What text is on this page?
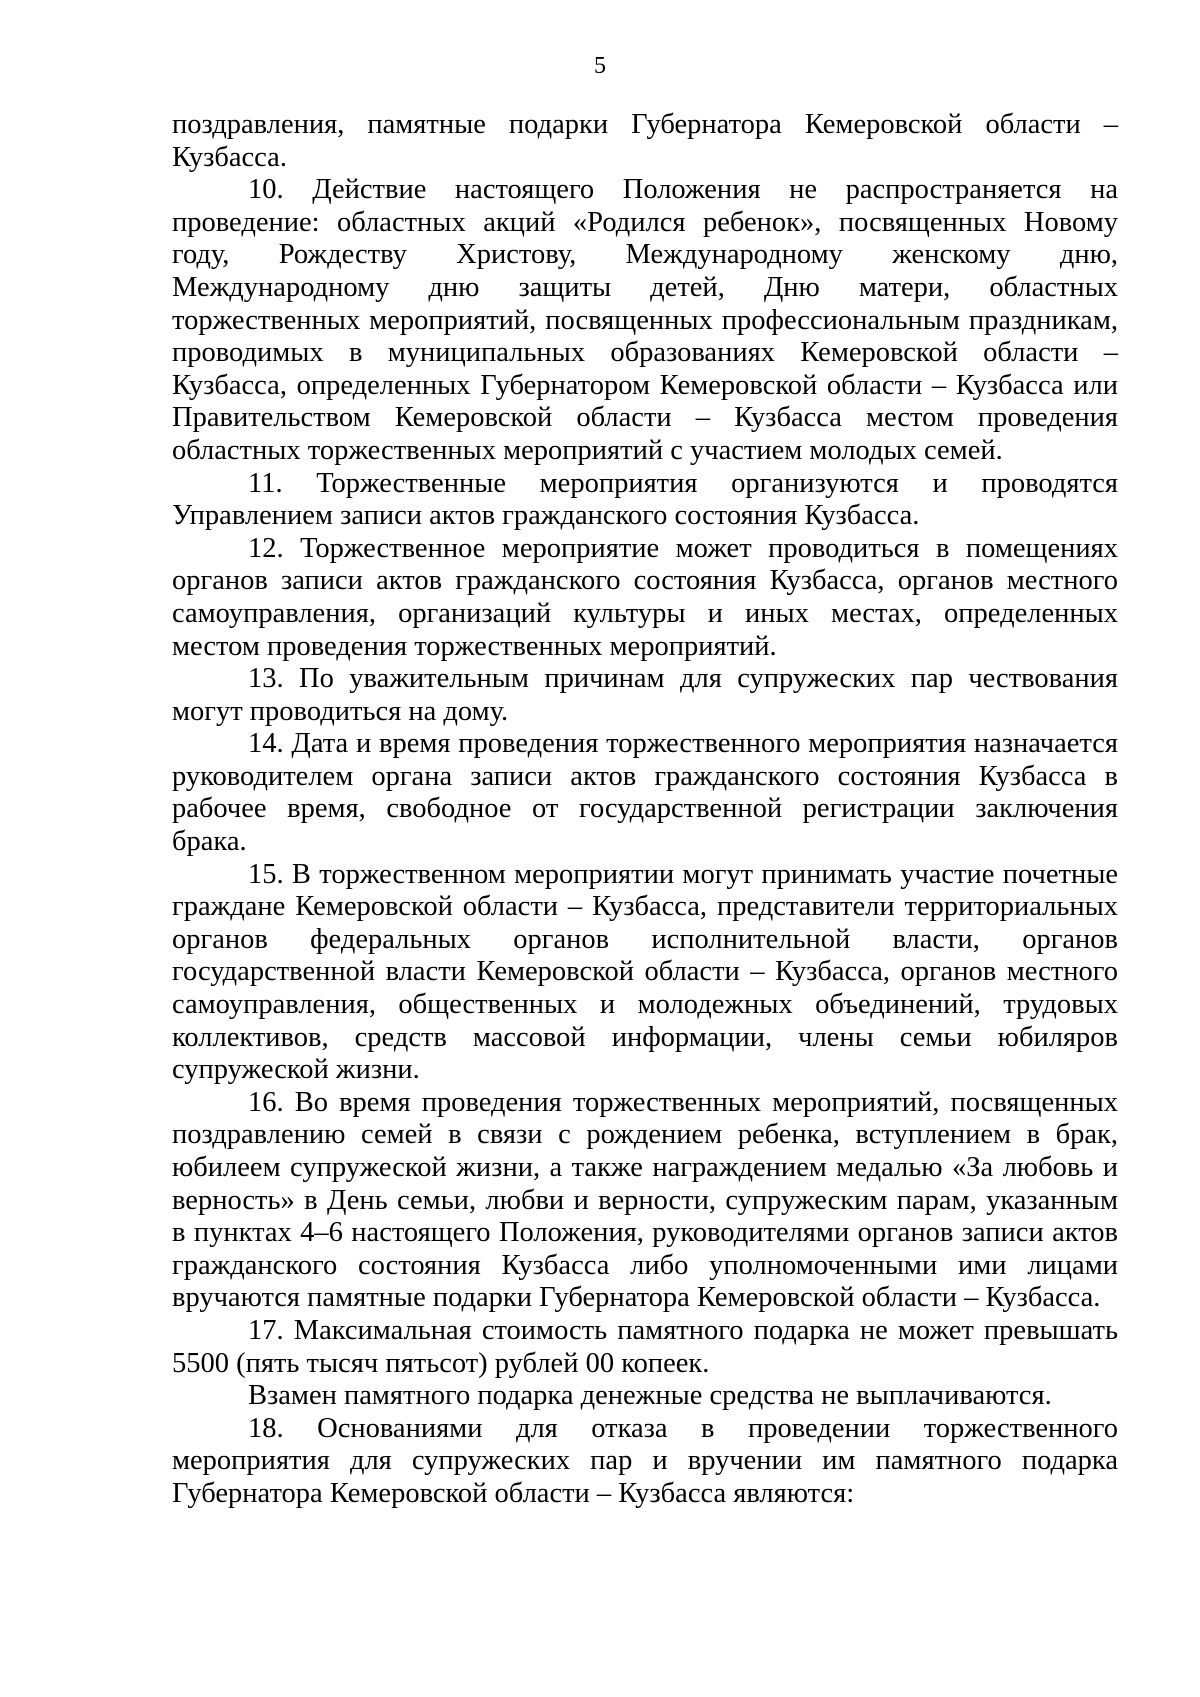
5

поздравления, памятные подарки Губернатора Кемеровской области – Кузбасса.

10. Действие настоящего Положения не распространяется на проведение: областных акций «Родился ребенок», посвященных Новому году, Рождеству Христову, Международному женскому дню, Международному дню защиты детей, Дню матери, областных торжественных мероприятий, посвященных профессиональным праздникам, проводимых в муниципальных образованиях Кемеровской области – Кузбасса, определенных Губернатором Кемеровской области – Кузбасса или Правительством Кемеровской области – Кузбасса местом проведения областных торжественных мероприятий с участием молодых семей.

11. Торжественные мероприятия организуются и проводятся Управлением записи актов гражданского состояния Кузбасса.

12. Торжественное мероприятие может проводиться в помещениях органов записи актов гражданского состояния Кузбасса, органов местного самоуправления, организаций культуры и иных местах, определенных местом проведения торжественных мероприятий.

13. По уважительным причинам для супружеских пар чествования могут проводиться на дому.

14. Дата и время проведения торжественного мероприятия назначается руководителем органа записи актов гражданского состояния Кузбасса в рабочее время, свободное от государственной регистрации заключения брака.

15. В торжественном мероприятии могут принимать участие почетные граждане Кемеровской области – Кузбасса, представители территориальных органов федеральных органов исполнительной власти, органов государственной власти Кемеровской области – Кузбасса, органов местного самоуправления, общественных и молодежных объединений, трудовых коллективов, средств массовой информации, члены семьи юбиляров супружеской жизни.

16. Во время проведения торжественных мероприятий, посвященных поздравлению семей в связи с рождением ребенка, вступлением в брак, юбилеем супружеской жизни, а также награждением медалью «За любовь и верность» в День семьи, любви и верности, супружеским парам, указанным в пунктах 4–6 настоящего Положения, руководителями органов записи актов гражданского состояния Кузбасса либо уполномоченными ими лицами вручаются памятные подарки Губернатора Кемеровской области – Кузбасса.

17. Максимальная стоимость памятного подарка не может превышать 5500 (пять тысяч пятьсот) рублей 00 копеек.

Взамен памятного подарка денежные средства не выплачиваются.

18. Основаниями для отказа в проведении торжественного мероприятия для супружеских пар и вручении им памятного подарка Губернатора Кемеровской области – Кузбасса являются:
